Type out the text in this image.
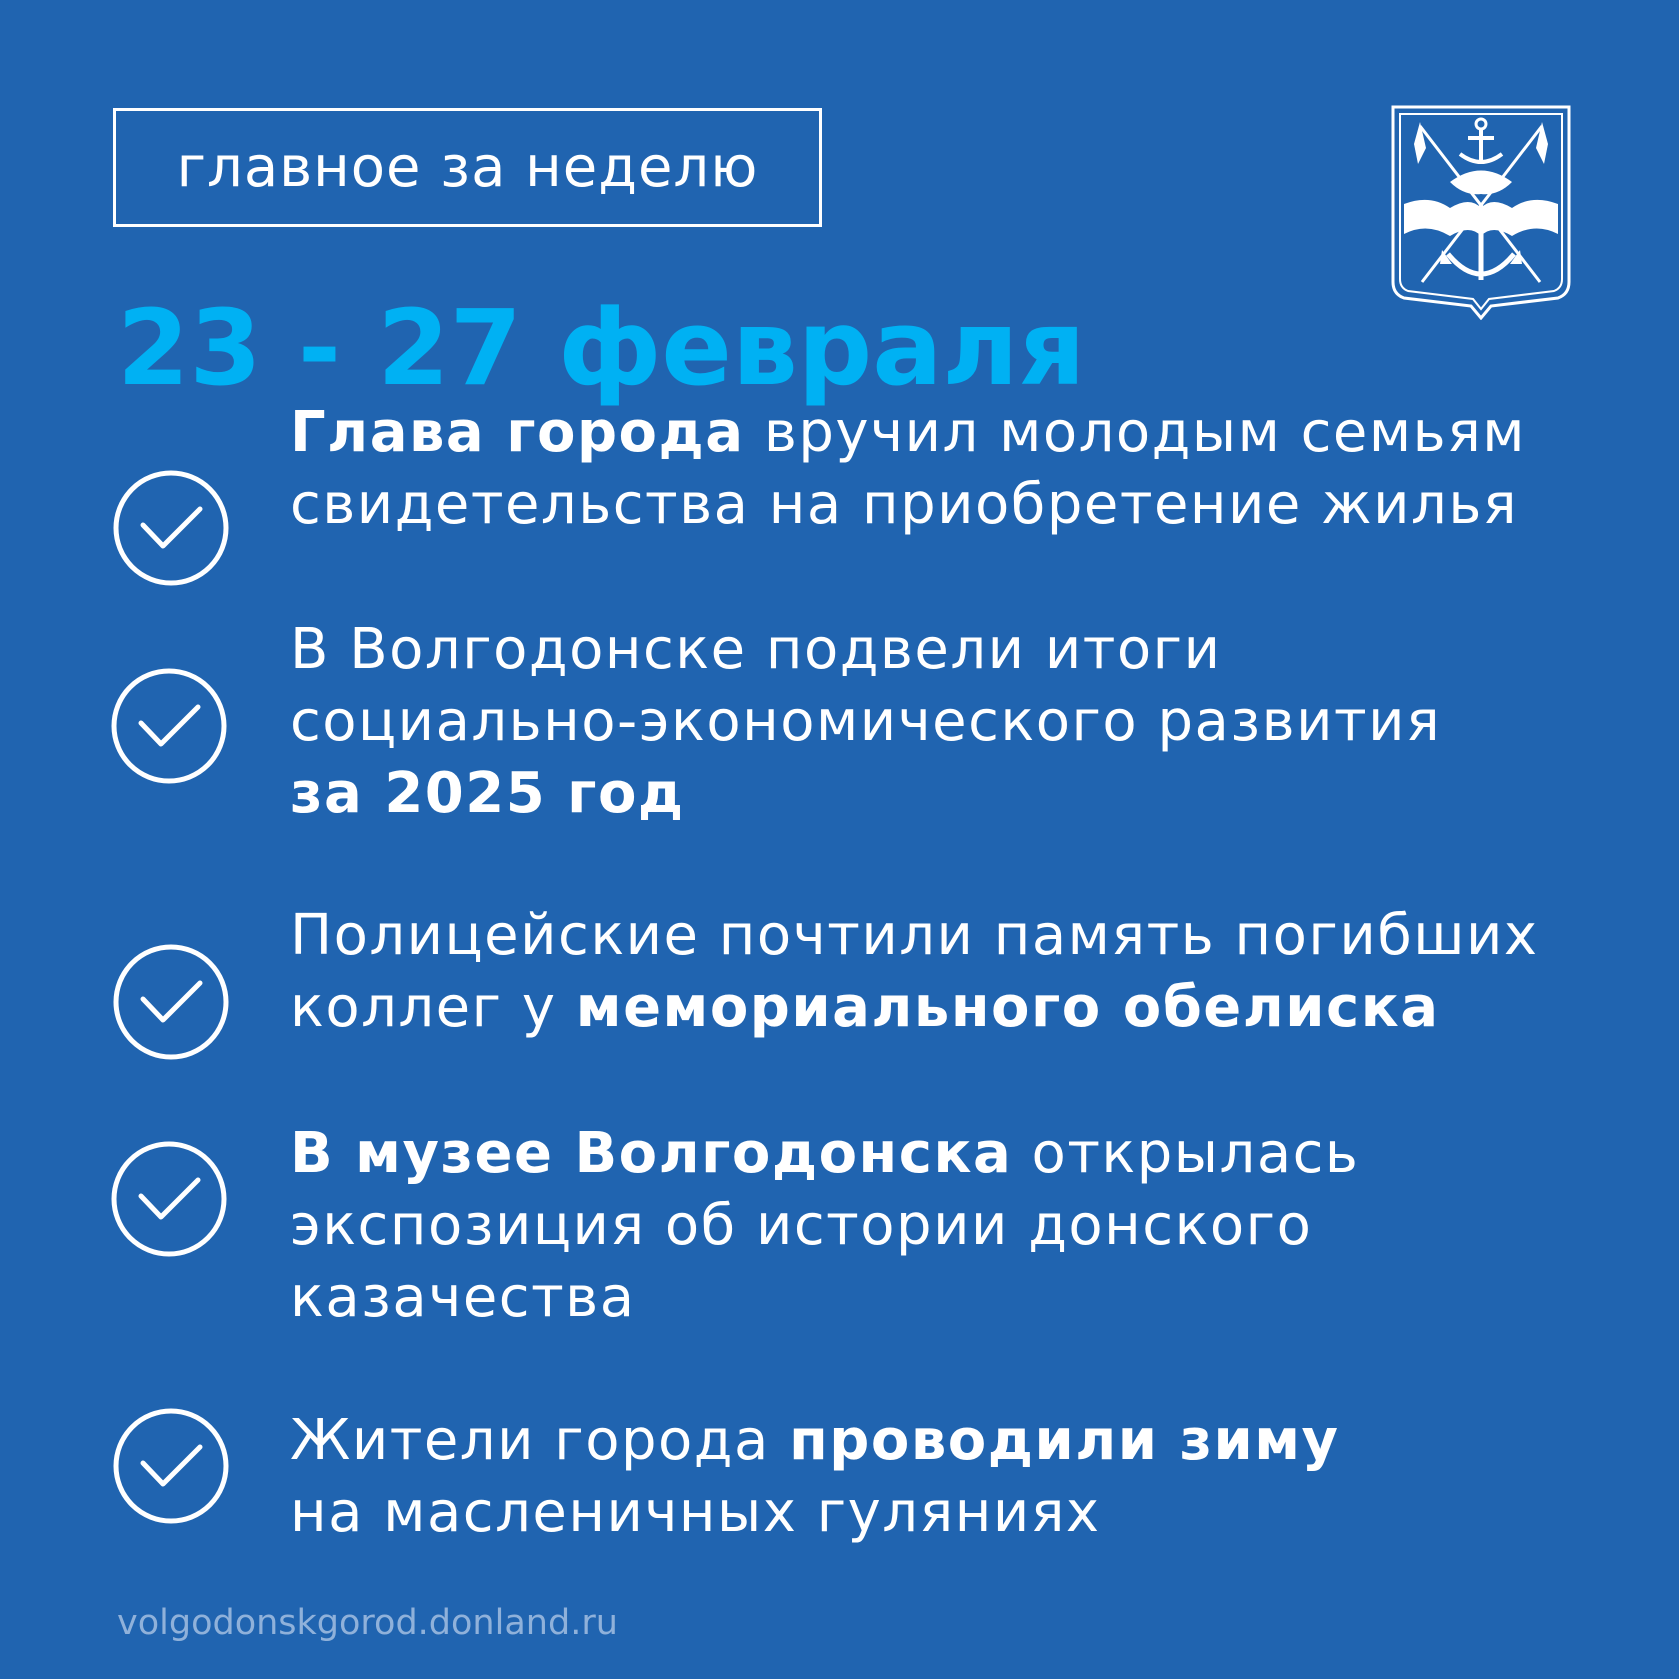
главное за неделю
23 - 27 февраля
Глава города вручил молодым семьям
свидетельства на приобретение жилья
В Волгодонске подвели итоги
социально-экономического развития
за 2025 год
Полицейские почтили память погибших
коллег у мемориального обелиска
В музее Волгодонска открылась
экспозиция об истории донского
казачества
Жители города проводили зиму
на масленичных гуляниях
volgodonskgorod.donland.ru
